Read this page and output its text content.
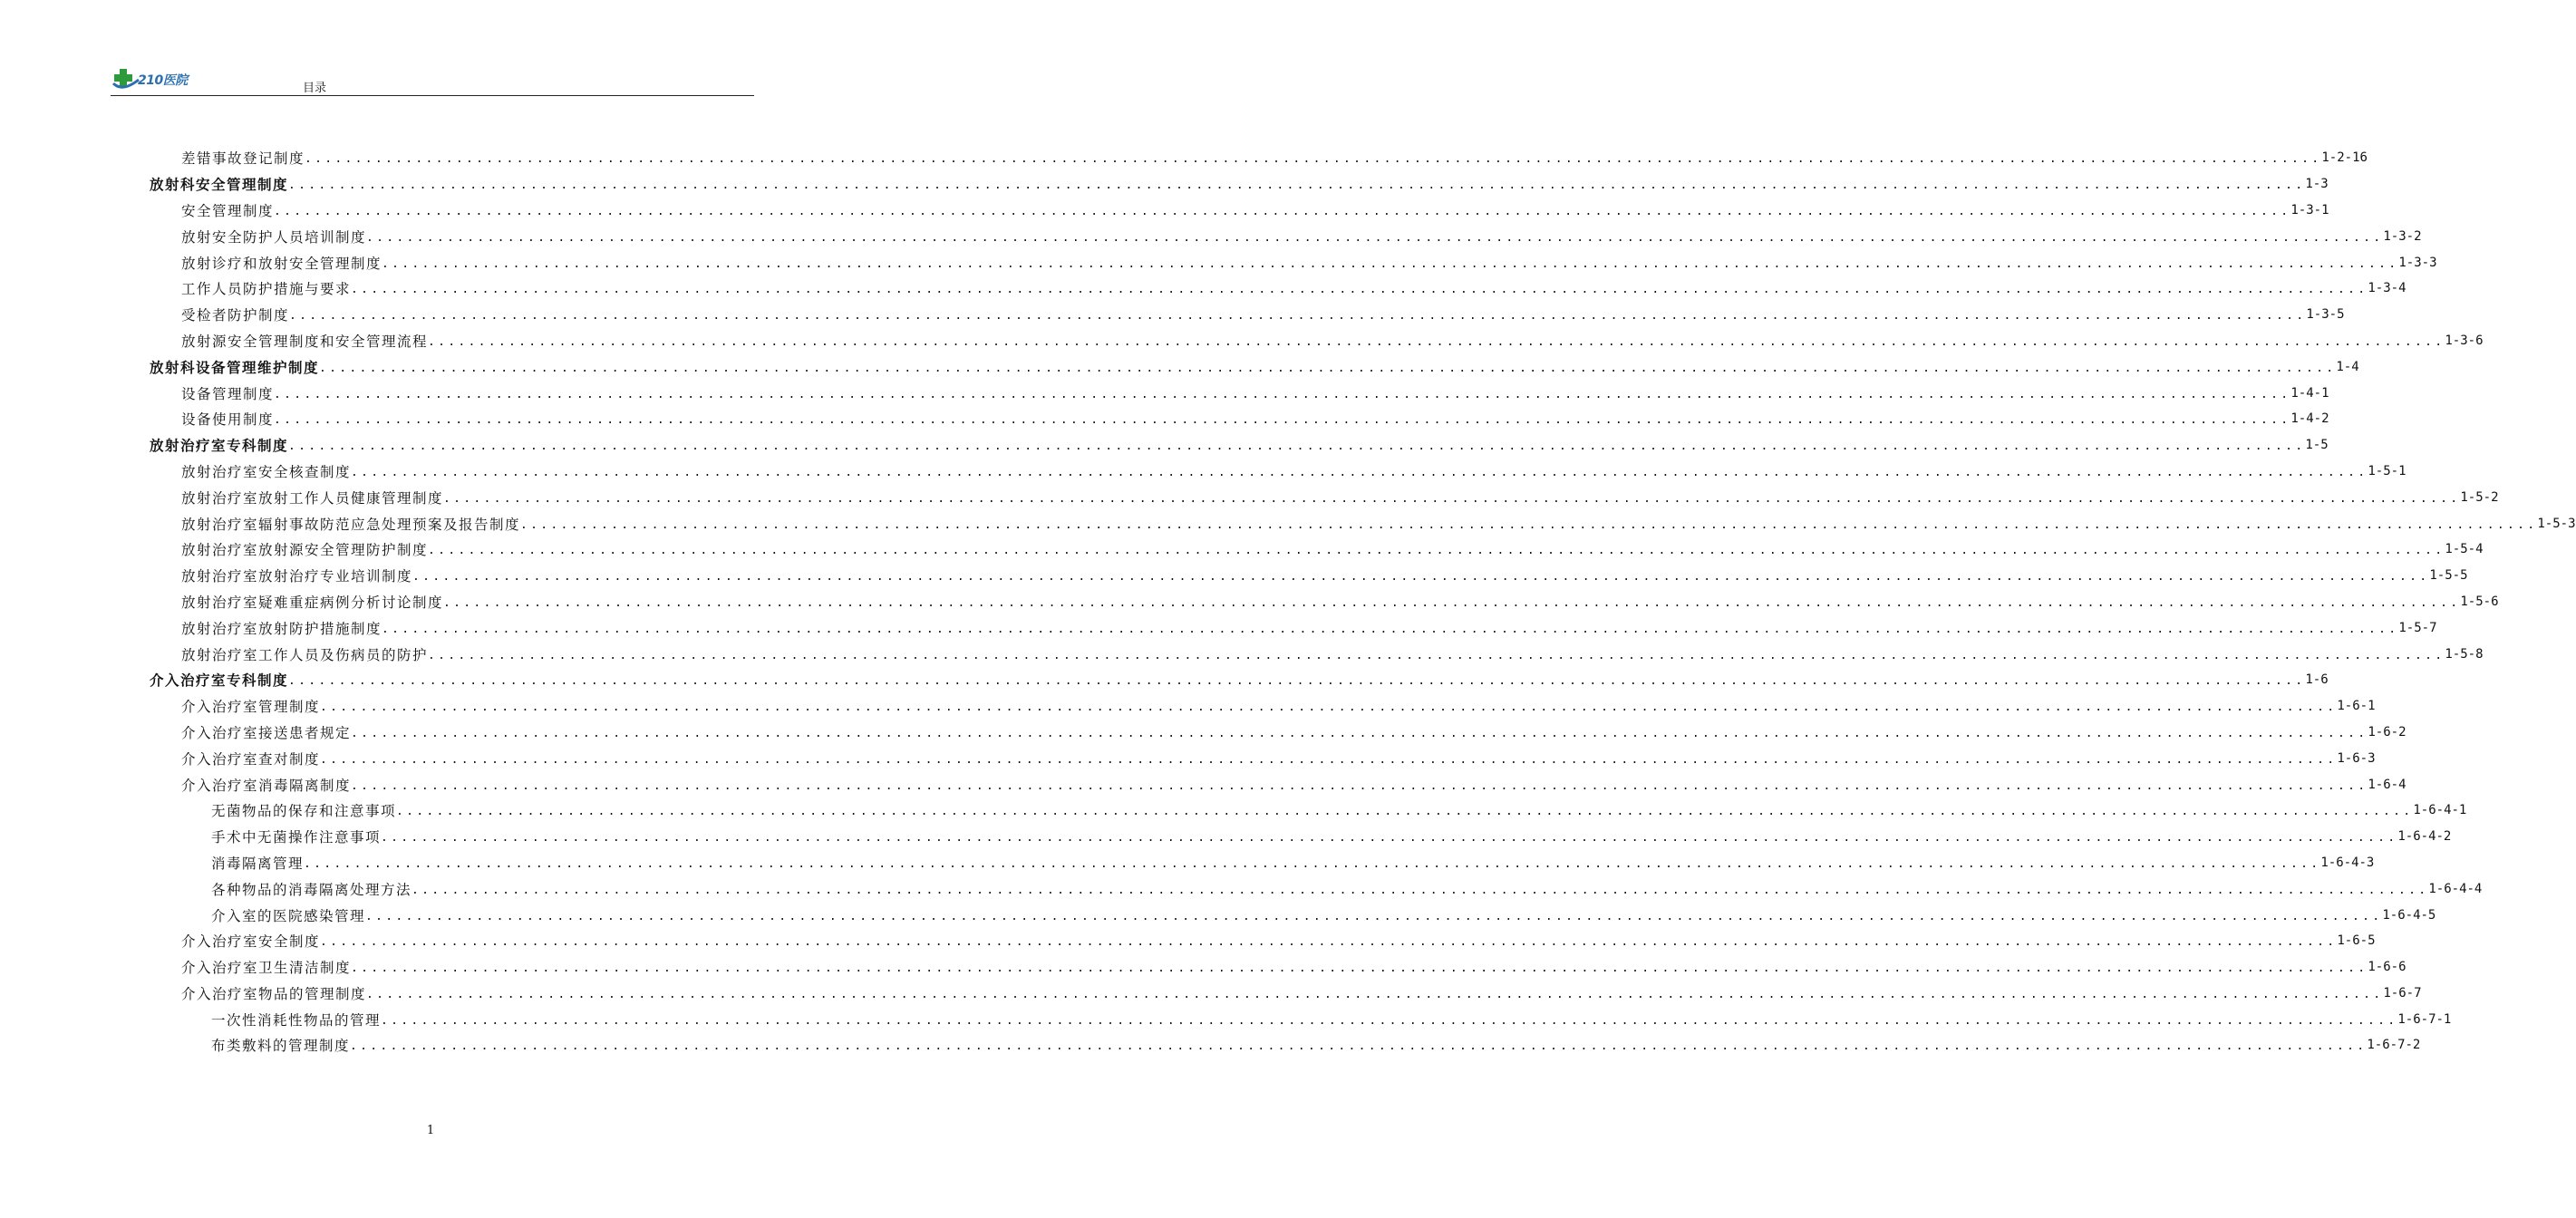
210医院
目录
差错事故登记制度 ........................................................................................................................................................................................................ 1-2-16
放射科安全管理制度 ........................................................................................................................................................................................................ 1-3
安全管理制度 ........................................................................................................................................................................................................ 1-3-1
放射安全防护人员培训制度 ........................................................................................................................................................................................................ 1-3-2
放射诊疗和放射安全管理制度 ........................................................................................................................................................................................................ 1-3-3
工作人员防护措施与要求 ........................................................................................................................................................................................................ 1-3-4
受检者防护制度 ........................................................................................................................................................................................................ 1-3-5
放射源安全管理制度和安全管理流程 ........................................................................................................................................................................................................ 1-3-6
放射科设备管理维护制度 ........................................................................................................................................................................................................ 1-4
设备管理制度 ........................................................................................................................................................................................................ 1-4-1
设备使用制度 ........................................................................................................................................................................................................ 1-4-2
放射治疗室专科制度 ........................................................................................................................................................................................................ 1-5
放射治疗室安全核查制度 ........................................................................................................................................................................................................ 1-5-1
放射治疗室放射工作人员健康管理制度 ........................................................................................................................................................................................................ 1-5-2
放射治疗室辐射事故防范应急处理预案及报告制度 ........................................................................................................................................................................................................ 1-5-3
放射治疗室放射源安全管理防护制度 ........................................................................................................................................................................................................ 1-5-4
放射治疗室放射治疗专业培训制度 ........................................................................................................................................................................................................ 1-5-5
放射治疗室疑难重症病例分析讨论制度 ........................................................................................................................................................................................................ 1-5-6
放射治疗室放射防护措施制度 ........................................................................................................................................................................................................ 1-5-7
放射治疗室工作人员及伤病员的防护 ........................................................................................................................................................................................................ 1-5-8
介入治疗室专科制度 ........................................................................................................................................................................................................ 1-6
介入治疗室管理制度 ........................................................................................................................................................................................................ 1-6-1
介入治疗室接送患者规定 ........................................................................................................................................................................................................ 1-6-2
介入治疗室查对制度 ........................................................................................................................................................................................................ 1-6-3
介入治疗室消毒隔离制度 ........................................................................................................................................................................................................ 1-6-4
无菌物品的保存和注意事项 ........................................................................................................................................................................................................ 1-6-4-1
手术中无菌操作注意事项 ........................................................................................................................................................................................................ 1-6-4-2
消毒隔离管理 ........................................................................................................................................................................................................ 1-6-4-3
各种物品的消毒隔离处理方法 ........................................................................................................................................................................................................ 1-6-4-4
介入室的医院感染管理 ........................................................................................................................................................................................................ 1-6-4-5
介入治疗室安全制度 ........................................................................................................................................................................................................ 1-6-5
介入治疗室卫生清洁制度 ........................................................................................................................................................................................................ 1-6-6
介入治疗室物品的管理制度 ........................................................................................................................................................................................................ 1-6-7
一次性消耗性物品的管理 ........................................................................................................................................................................................................ 1-6-7-1
布类敷料的管理制度 ........................................................................................................................................................................................................ 1-6-7-2
1
